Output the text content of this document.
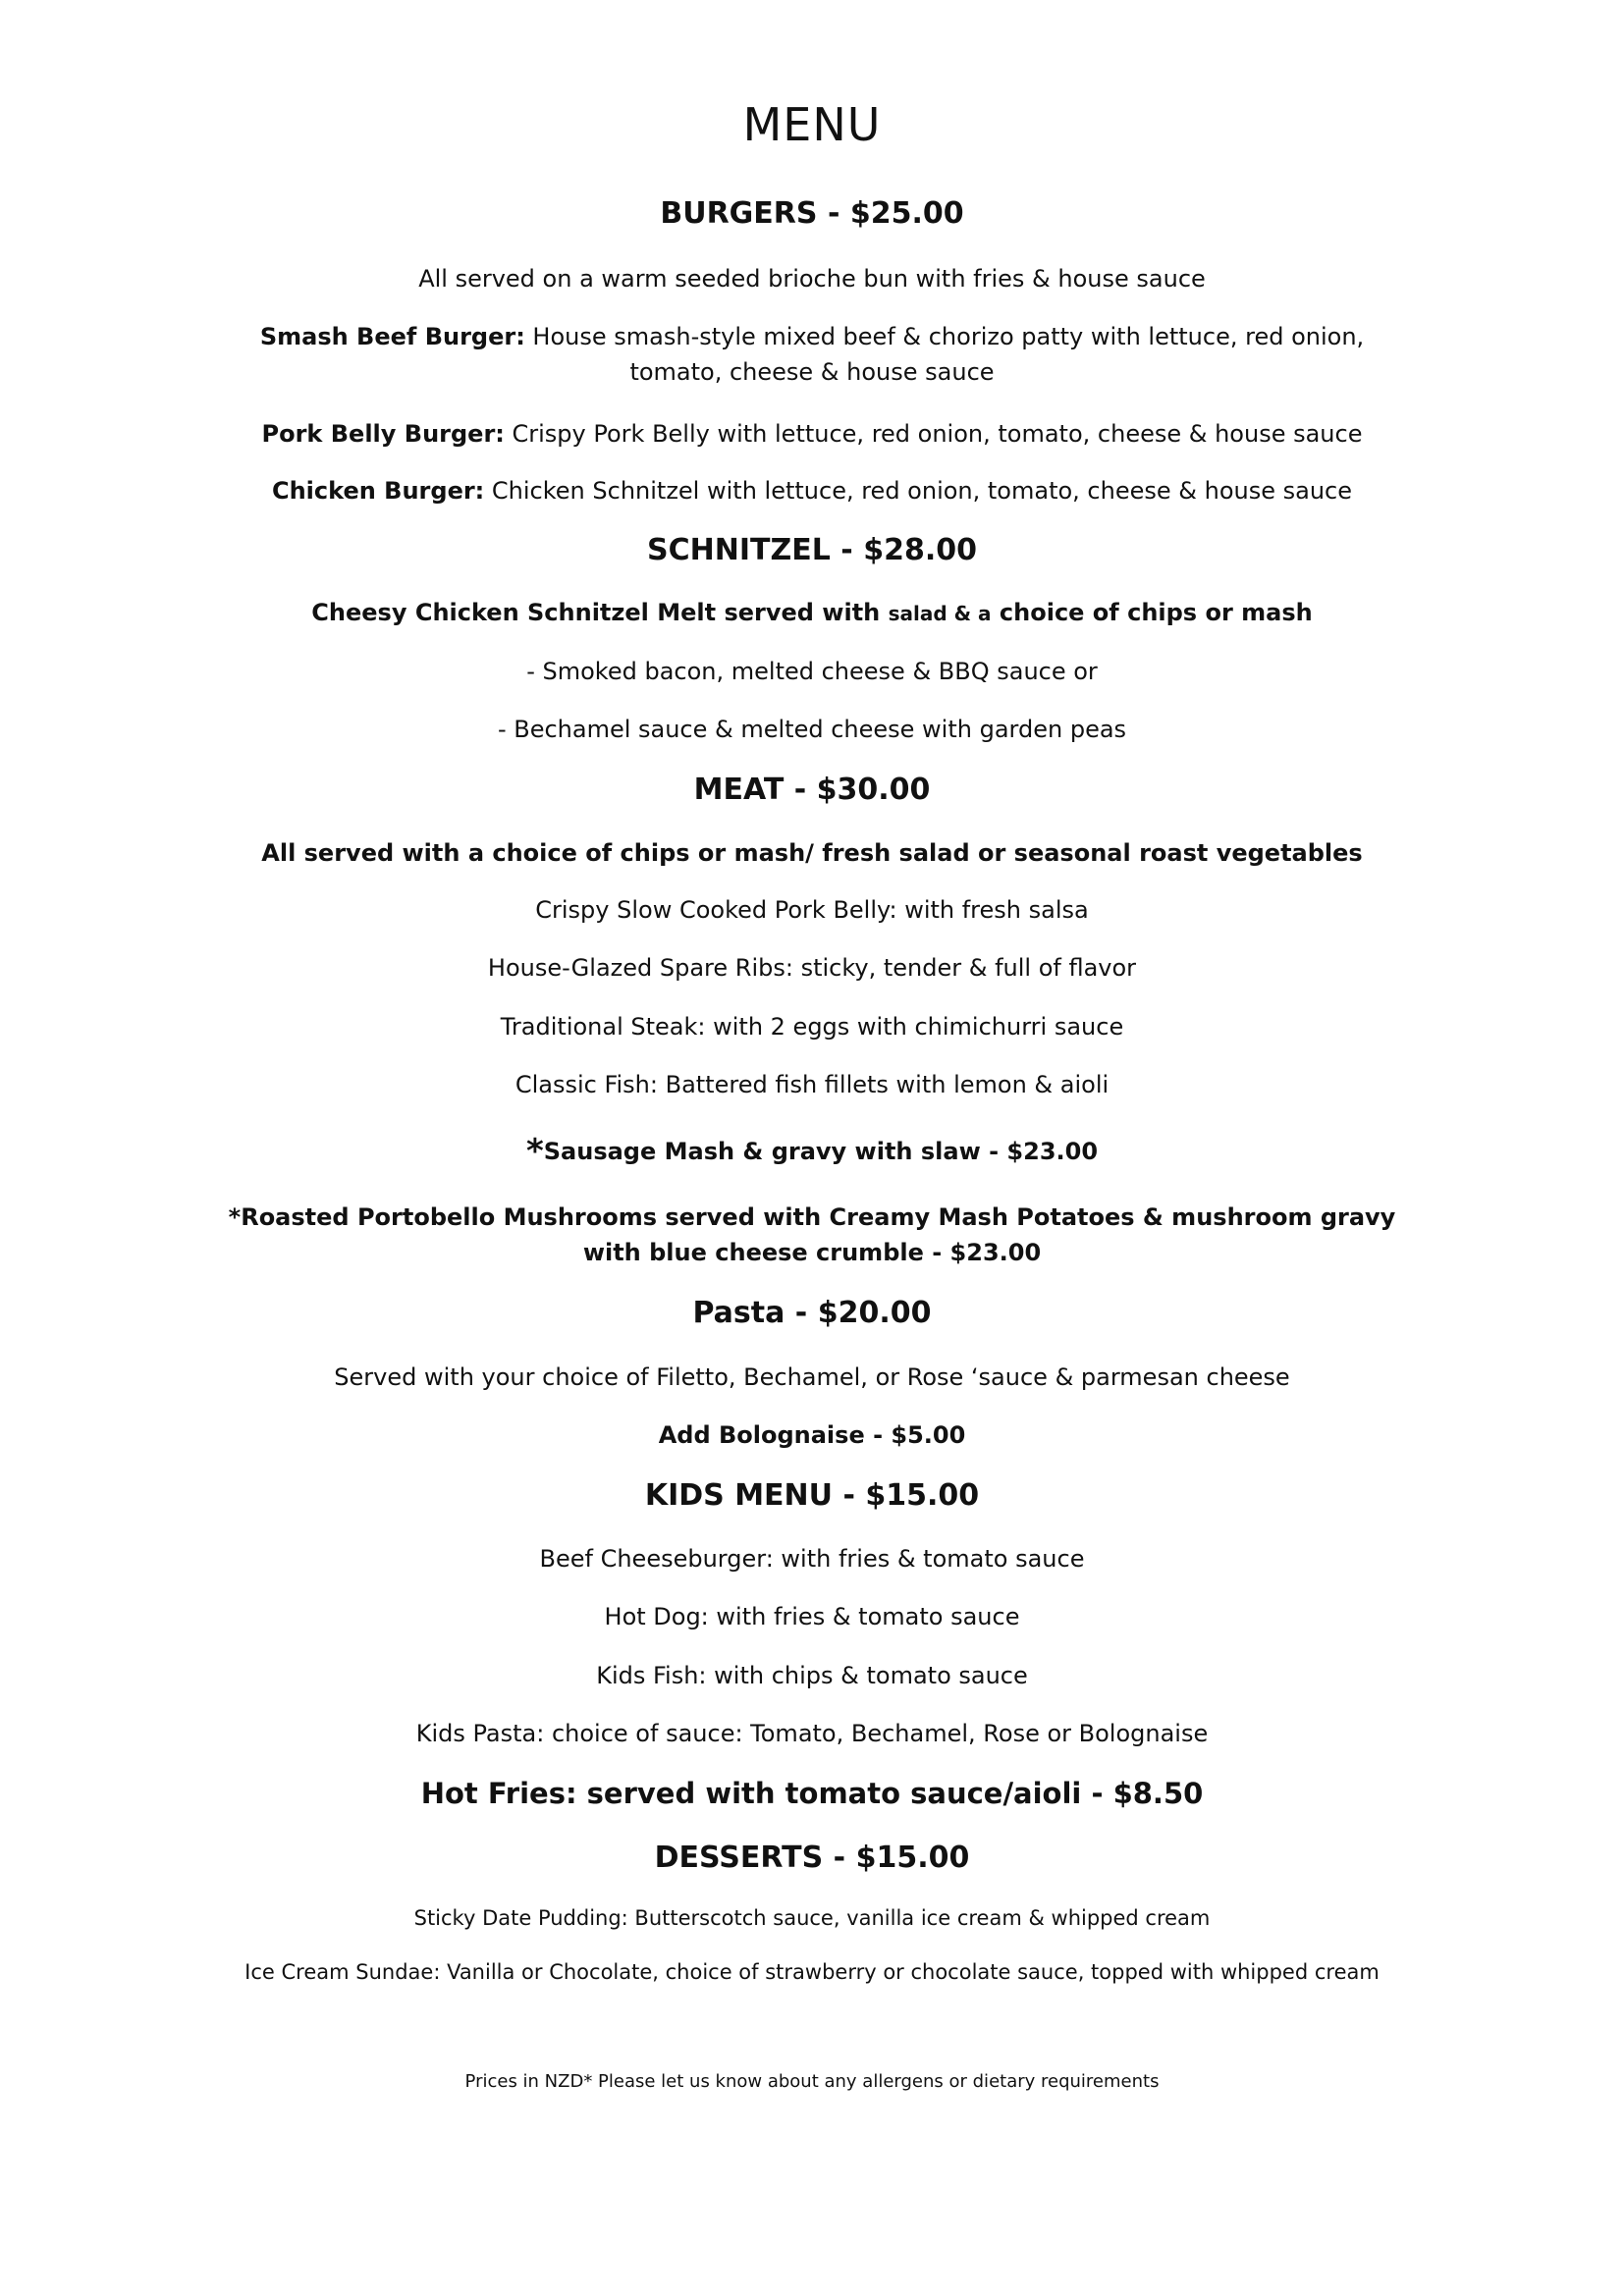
MENU
BURGERS - $25.00

All served on a warm seeded brioche bun with fries & house sauce

Smash Beef Burger: House smash-style mixed beef & chorizo patty with lettuce, red onion, tomato, cheese & house sauce

Pork Belly Burger: Crispy Pork Belly with lettuce, red onion, tomato, cheese & house sauce

Chicken Burger: Chicken Schnitzel with lettuce, red onion, tomato, cheese & house sauce

SCHNITZEL - $28.00

Cheesy Chicken Schnitzel Melt served with salad & a choice of chips or mash

- Smoked bacon, melted cheese & BBQ sauce or

- Bechamel sauce & melted cheese with garden peas

MEAT - $30.00

All served with a choice of chips or mash/ fresh salad or seasonal roast vegetables

Crispy Slow Cooked Pork Belly: with fresh salsa

House-Glazed Spare Ribs: sticky, tender & full of flavor

Traditional Steak: with 2 eggs with chimichurri sauce

Classic Fish: Battered fish fillets with lemon & aioli

*Sausage Mash & gravy with slaw - $23.00

*Roasted Portobello Mushrooms served with Creamy Mash Potatoes & mushroom gravy with blue cheese crumble - $23.00

Pasta - $20.00

Served with your choice of Filetto, Bechamel, or Rose ‘sauce & parmesan cheese

Add Bolognaise - $5.00

KIDS MENU - $15.00

Beef Cheeseburger: with fries & tomato sauce

Hot Dog: with fries & tomato sauce

Kids Fish: with chips & tomato sauce

Kids Pasta: choice of sauce: Tomato, Bechamel, Rose or Bolognaise

Hot Fries: served with tomato sauce/aioli - $8.50
DESSERTS - $15.00

Sticky Date Pudding: Butterscotch sauce, vanilla ice cream & whipped cream

Ice Cream Sundae: Vanilla or Chocolate, choice of strawberry or chocolate sauce, topped with whipped cream

Prices in NZD* Please let us know about any allergens or dietary requirements
